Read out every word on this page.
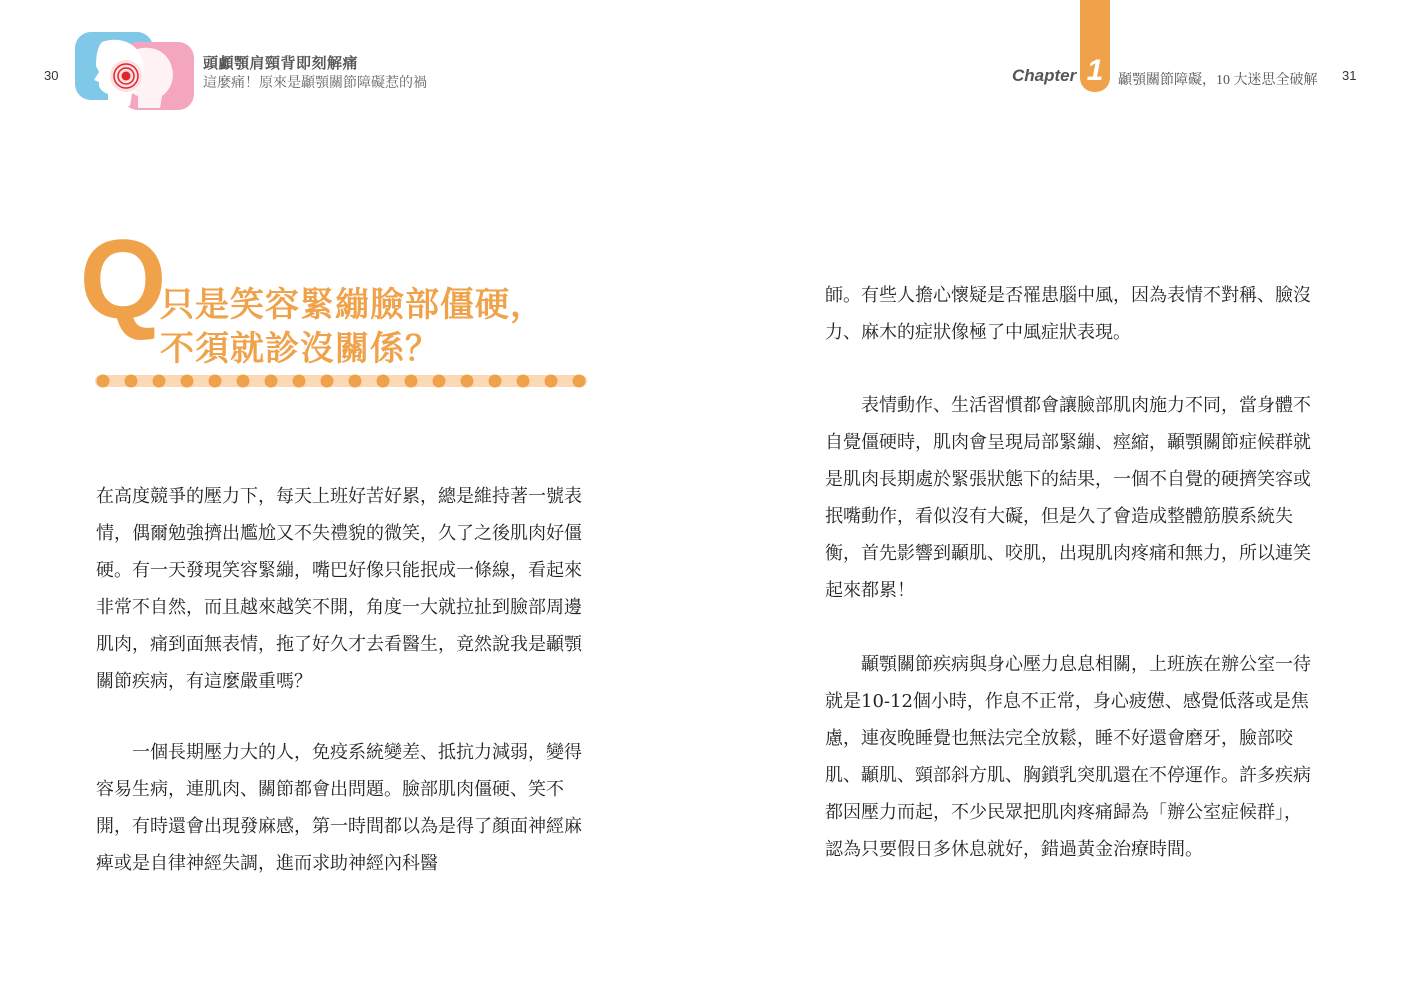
30
頭顱顎肩頸背即刻解痛
這麼痛！原來是顳顎關節障礙惹的禍
Q
只是笑容緊繃臉部僵硬，
不須就診沒關係？

在高度競爭的壓力下，每天上班好苦好累，總是維持著一號表情，偶爾勉強擠出尷尬又不失禮貌的微笑，久了之後肌肉好僵硬。有一天發現笑容緊繃，嘴巴好像只能抿成一條線，看起來非常不自然，而且越來越笑不開，角度一大就拉扯到臉部周邊肌肉，痛到面無表情，拖了好久才去看醫生，竟然說我是顳顎關節疾病，有這麼嚴重嗎？

一個長期壓力大的人，免疫系統變差、抵抗力減弱，變得容易生病，連肌肉、關節都會出問題。臉部肌肉僵硬、笑不開，有時還會出現發麻感，第一時間都以為是得了顏面神經麻痺或是自律神經失調，進而求助神經內科醫

Chapter 1	顳顎關節障礙，10 大迷思全破解 31

師。有些人擔心懷疑是否罹患腦中風，因為表情不對稱、臉沒力、麻木的症狀像極了中風症狀表現。

表情動作、生活習慣都會讓臉部肌肉施力不同，當身體不自覺僵硬時，肌肉會呈現局部緊繃、痙縮，顳顎關節症候群就是肌肉長期處於緊張狀態下的結果，一個不自覺的硬擠笑容或抿嘴動作，看似沒有大礙，但是久了會造成整體筋膜系統失衡，首先影響到顳肌、咬肌，出現肌肉疼痛和無力，所以連笑起來都累！

顳顎關節疾病與身心壓力息息相關，上班族在辦公室一待就是10-12個小時，作息不正常，身心疲憊、感覺低落或是焦慮，連夜晚睡覺也無法完全放鬆，睡不好還會磨牙，臉部咬肌、顳肌、頸部斜方肌、胸鎖乳突肌還在不停運作。許多疾病都因壓力而起，不少民眾把肌肉疼痛歸為「辦公室症候群」，認為只要假日多休息就好，錯過黃金治療時間。
